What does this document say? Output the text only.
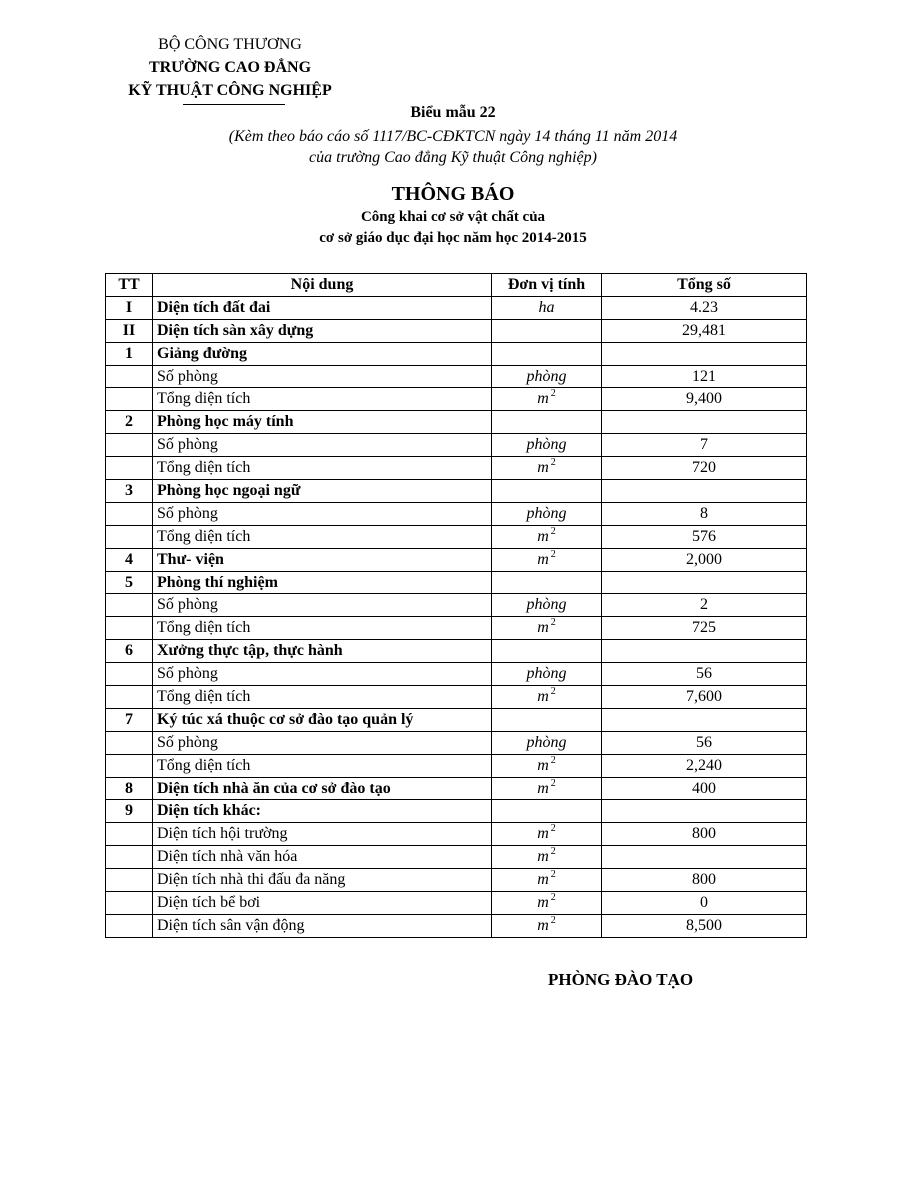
BỘ CÔNG THƯƠNG
TRƯỜNG CAO ĐẲNG
KỸ THUẬT CÔNG NGHIỆP
Biểu mẫu 22
(Kèm theo báo cáo số 1117/BC-CĐKTCN ngày 14 tháng 11 năm 2014
của trường Cao đẳng Kỹ thuật Công nghiệp)
THÔNG BÁO
Công khai cơ sở vật chất của
cơ sở giáo dục đại học năm học 2014-2015
TT	Nội dung	Đơn vị tính	Tổng số
I	Diện tích đất đai	ha	4.23
II	Diện tích sàn xây dựng		29,481
1	Giảng đường		
	Số phòng	phòng	121
	Tổng diện tích	m $^2$	9,400
2	Phòng học máy tính		
	Số phòng	phòng	7
	Tổng diện tích	m $^2$	720
3	Phòng học ngoại ngữ		
	Số phòng	phòng	8
	Tổng diện tích	m $^2$	576
4	Thư- viện	m $^2$	2,000
5	Phòng thí nghiệm		
	Số phòng	phòng	2
	Tổng diện tích	m $^2$	725
6	Xưởng thực tập, thực hành		
	Số phòng	phòng	56
	Tổng diện tích	m $^2$	7,600
7	Ký túc xá thuộc cơ sở đào tạo quản lý		
	Số phòng	phòng	56
	Tổng diện tích	m $^2$	2,240
8	Diện tích nhà ăn của cơ sở đào tạo	m $^2$	400
9	Diện tích khác:		
	Diện tích hội trường	m $^2$	800
	Diện tích nhà văn hóa	m $^2$	
	Diện tích nhà thi đấu đa năng	m $^2$	800
	Diện tích bể bơi	m $^2$	0
	Diện tích sân vận động	m $^2$	8,500
PHÒNG ĐÀO TẠO
